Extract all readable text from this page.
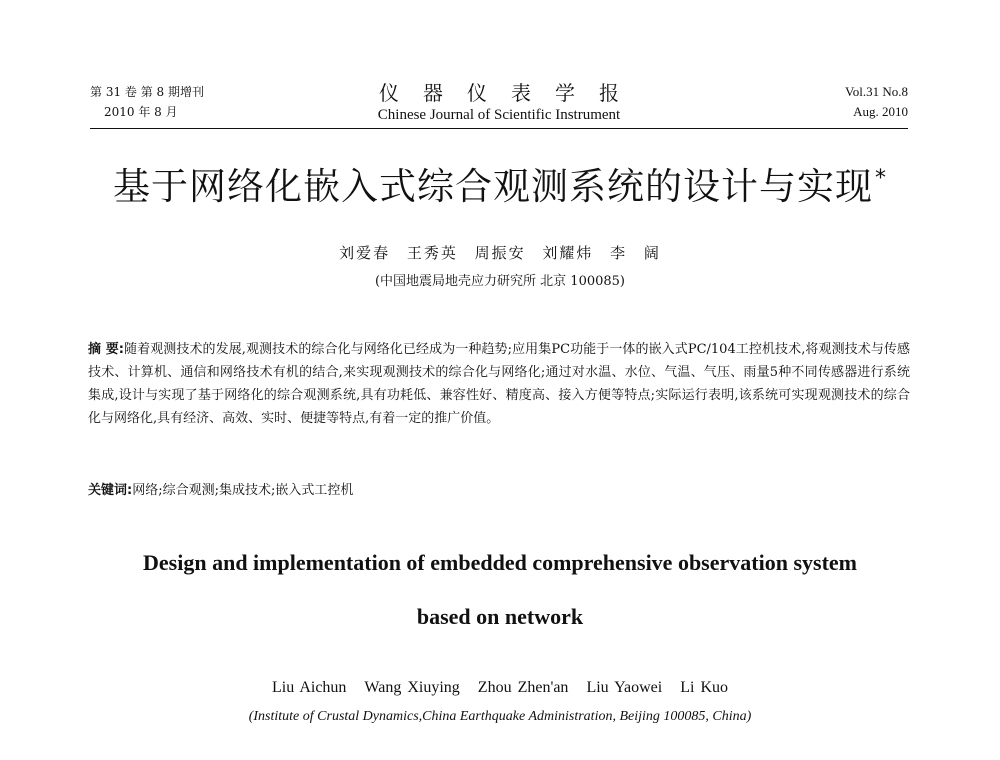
第 31 卷 第 8 期增刊
2010 年 8 月
仪器仪表学报
Chinese Journal of Scientific Instrument
Vol.31 No.8
Aug. 2010
基于网络化嵌入式综合观测系统的设计与实现*
刘爱春 王秀英 周振安 刘耀炜 李 阔
(中国地震局地壳应力研究所 北京 100085)
摘 要:随着观测技术的发展,观测技术的综合化与网络化已经成为一种趋势;应用集PC功能于一体的嵌入式PC/104工控机技术,将观测技术与传感技术、计算机、通信和网络技术有机的结合,来实现观测技术的综合化与网络化;通过对水温、水位、气温、气压、雨量5种不同传感器进行系统集成,设计与实现了基于网络化的综合观测系统,具有功耗低、兼容性好、精度高、接入方便等特点;实际运行表明,该系统可实现观测技术的综合化与网络化,具有经济、高效、实时、便捷等特点,有着一定的推广价值。
关键词:网络;综合观测;集成技术;嵌入式工控机
Design and implementation of embedded comprehensive observation system
based on network
Liu Aichun Wang Xiuying Zhou Zhen'an Liu Yaowei Li Kuo
(Institute of Crustal Dynamics,China Earthquake Administration, Beijing 100085, China)
